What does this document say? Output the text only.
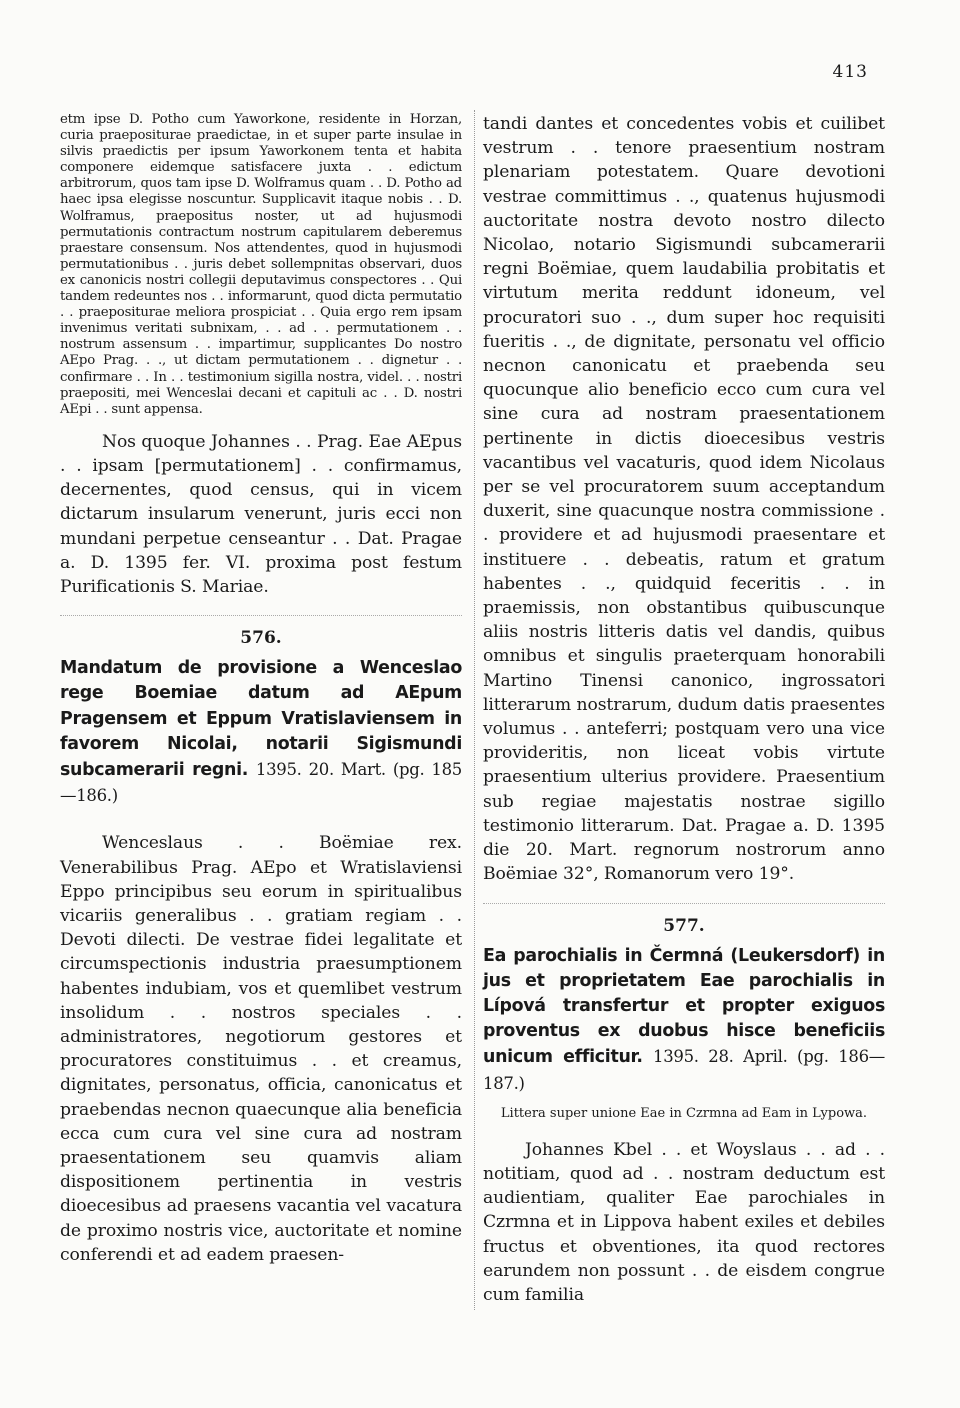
413

etm ipse D. Potho cum Yaworkone, residente in Horzan, curia praepositurae praedictae, in et super parte insulae in silvis praedictis per ipsum Yaworkonem tenta et habita componere eidemque satisfacere juxta . . edictum arbitrorum, quos tam ipse D. Wolframus quam . . D. Potho ad haec ipsa elegisse noscuntur. Supplicavit itaque nobis . . D. Wolframus, praepositus noster, ut ad hujusmodi permutationis contractum nostrum capitularem deberemus praestare consensum. Nos attendentes, quod in hujusmodi permutationibus . . juris debet sollempnitas observari, duos ex canonicis nostri collegii deputavimus conspectores . . Qui tandem redeuntes nos . . informarunt, quod dicta permutatio . . praepositurae meliora prospiciat . . Quia ergo rem ipsam invenimus veritati subnixam, . . ad . . permutationem . . nostrum assensum . . impartimur, supplicantes Do nostro AEpo Prag. . ., ut dictam permutationem . . dignetur . . confirmare . . In . . testimonium sigilla nostra, videl. . . nostri praepositi, mei Wenceslai decani et capituli ac . . D. nostri AEpi . . sunt appensa.

Nos quoque Johannes . . Prag. Eae AEpus . . ipsam [permutationem] . . confirmamus, decernentes, quod census, qui in vicem dictarum insularum venerunt, juris ecci non mundani perpetue censeantur . . Dat. Pragae a. D. 1395 fer. VI. proxima post festum Purificationis S. Mariae.

576.

Mandatum de provisione a Wenceslao rege Boemiae datum ad AEpum Pragensem et Eppum Vratislaviensem in favorem Nicolai, notarii Sigismundi subcamerarii regni. 1395. 20. Mart. (pg. 185—186.)

Wenceslaus . . Boëmiae rex. Venerabilibus Prag. AEpo et Wratislaviensi Eppo principibus seu eorum in spiritualibus vicariis generalibus . . gratiam regiam . . Devoti dilecti. De vestrae fidei legalitate et circumspectionis industria praesumptionem habentes indubiam, vos et quemlibet vestrum insolidum . . nostros speciales . . administratores, negotiorum gestores et procuratores constituimus . . et creamus, dignitates, personatus, officia, canonicatus et praebendas necnon quaecunque alia beneficia ecca cum cura vel sine cura ad nostram praesentationem seu quamvis aliam dispositionem pertinentia in vestris dioecesibus ad praesens vacantia vel vacatura de proximo nostris vice, auctoritate et nomine conferendi et ad eadem praesen-

tandi dantes et concedentes vobis et cuilibet vestrum . . tenore praesentium nostram plenariam potestatem. Quare devotioni vestrae committimus . ., quatenus hujusmodi auctoritate nostra devoto nostro dilecto Nicolao, notario Sigismundi subcamerarii regni Boëmiae, quem laudabilia probitatis et virtutum merita reddunt idoneum, vel procuratori suo . ., dum super hoc requisiti fueritis . ., de dignitate, personatu vel officio necnon canonicatu et praebenda seu quocunque alio beneficio ecco cum cura vel sine cura ad nostram praesentationem pertinente in dictis dioecesibus vestris vacantibus vel vacaturis, quod idem Nicolaus per se vel procuratorem suum acceptandum duxerit, sine quacunque nostra commissione . . providere et ad hujusmodi praesentare et instituere . . debeatis, ratum et gratum habentes . ., quidquid feceritis . . in praemissis, non obstantibus quibuscunque aliis nostris litteris datis vel dandis, quibus omnibus et singulis praeterquam honorabili Martino Tinensi canonico, ingrossatori litterarum nostrarum, dudum datis praesentes volumus . . anteferri; postquam vero una vice provideritis, non liceat vobis virtute praesentium ulterius providere. Praesentium sub regiae majestatis nostrae sigillo testimonio litterarum. Dat. Pragae a. D. 1395 die 20. Mart. regnorum nostrorum anno Boëmiae 32°, Romanorum vero 19°.

577.

Ea parochialis in Čermná (Leukersdorf) in jus et proprietatem Eae parochialis in Lípová transfertur et propter exiguos proventus ex duobus hisce beneficiis unicum efficitur. 1395. 28. April. (pg. 186—187.)

Littera super unione Eae in Czrmna ad Eam in Lypowa.

Johannes Kbel . . et Woyslaus . . ad . . notitiam, quod ad . . nostram deductum est audientiam, qualiter Eae parochiales in Czrmna et in Lippova habent exiles et debiles fructus et obventiones, ita quod rectores earundem non possunt . . de eisdem congrue cum familia
